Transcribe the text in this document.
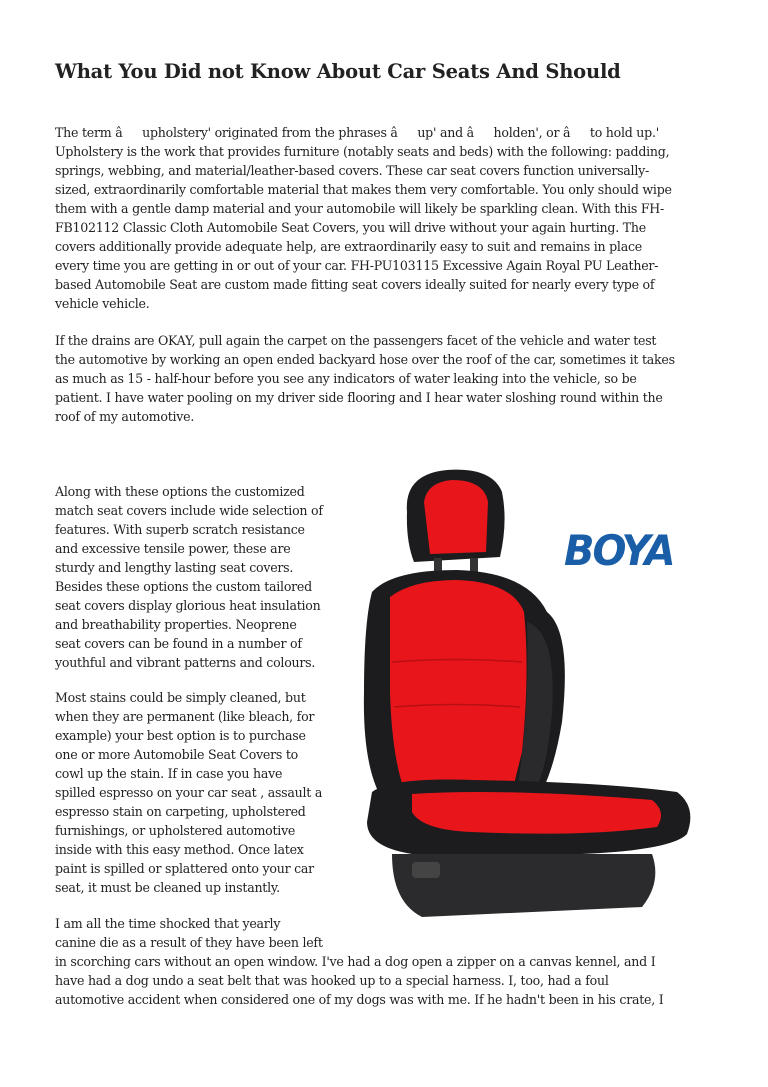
What You Did not Know About Car Seats And Should
The term âupholstery' originated from the phrases âup' and âholden', or âto hold up.'
Upholstery is the work that provides furniture (notably seats and beds) with the following: padding,
springs, webbing, and material/leather-based covers. These car seat covers function universally-
sized, extraordinarily comfortable material that makes them very comfortable. You only should wipe
them with a gentle damp material and your automobile will likely be sparkling clean. With this FH-
FB102112 Classic Cloth Automobile Seat Covers, you will drive without your again hurting. The
covers additionally provide adequate help, are extraordinarily easy to suit and remains in place
every time you are getting in or out of your car. FH-PU103115 Excessive Again Royal PU Leather-
based Automobile Seat are custom made fitting seat covers ideally suited for nearly every type of
vehicle vehicle.
If the drains are OKAY, pull again the carpet on the passengers facet of the vehicle and water test
the automotive by working an open ended backyard hose over the roof of the car, sometimes it takes
as much as 15 - half-hour before you see any indicators of water leaking into the vehicle, so be
patient. I have water pooling on my driver side flooring and I hear water sloshing round within the
roof of my automotive.
Along with these options the customized
match seat covers include wide selection of
features. With superb scratch resistance
and excessive tensile power, these are
sturdy and lengthy lasting seat covers.
Besides these options the custom tailored
seat covers display glorious heat insulation
and breathability properties. Neoprene
seat covers can be found in a number of
youthful and vibrant patterns and colours.
Most stains could be simply cleaned, but
when they are permanent (like bleach, for
example) your best option is to purchase
one or more Automobile Seat Covers to
cowl up the stain. If in case you have
spilled espresso on your car seat , assault a
espresso stain on carpeting, upholstered
furnishings, or upholstered automotive
inside with this easy method. Once latex
paint is spilled or splattered onto your car
seat, it must be cleaned up instantly.
I am all the time shocked that yearly
canine die as a result of they have been left
in scorching cars without an open window. I've had a dog open a zipper on a canvas kennel, and I
have had a dog undo a seat belt that was hooked up to a special harness. I, too, had a foul
automotive accident when considered one of my dogs was with me. If he hadn't been in his crate, I
BOYA
